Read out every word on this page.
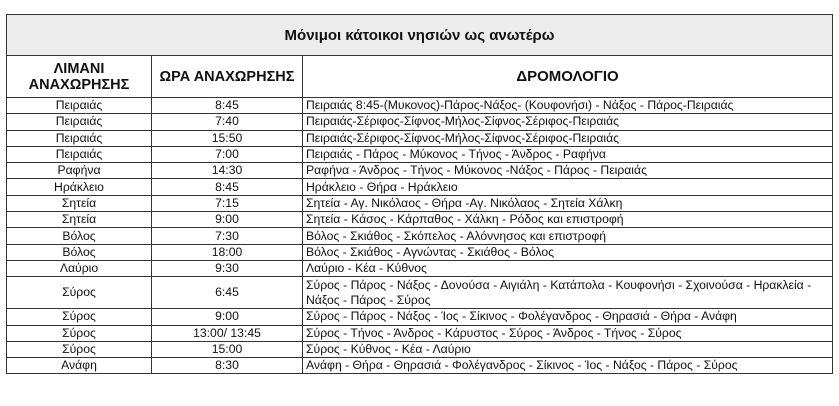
Μόνιμοι κάτοικοι νησιών ως ανωτέρω		
ΛΙΜΑΝΙ ΑΝΑΧΩΡΗΣΗΣ	ΩΡΑ ΑΝΑΧΩΡΗΣΗΣ	ΔΡΟΜΟΛΟΓΙΟ
Πειραιάς	8:45	Πειραιάς 8:45-(Μυκονος)-Πάρος-Νάξος- (Κουφονήσι) - Νάξος - Πάρος-Πειραιάς
Πειραιάς	7:40	Πειραιάς-Σέριφος-Σίφνος-Μήλος-Σίφνος-Σέριφος-Πειραιάς
Πειραιάς	15:50	Πειραιάς-Σέριφος-Σίφνος-Μήλος-Σίφνος-Σέριφος-Πειραιάς
Πειραιάς	7:00	Πειραιάς - Πάρος - Μύκονος - Τήνος - Άνδρος - Ραφήνα
Ραφήνα	14:30	Ραφήνα - Άνδρος - Τήνος - Μύκονος -Νάξος - Πάρος - Πειραιάς
Ηράκλειο	8:45	Ηράκλειο - Θήρα - Ηράκλειο
Σητεία	7:15	Σητεία - Αγ. Νικόλαος - Θήρα -Αγ. Νικόλαος - Σητεία Χάλκη
Σητεία	9:00	Σητεία - Κάσος - Κάρπαθος - Χάλκη - Ρόδος και επιστροφή
Βόλος	7:30	Βόλος - Σκιάθος - Σκόπελος - Αλόννησος και επιστροφή
Βόλος	18:00	Βόλος - Σκιάθος - Αγνώντας - Σκιάθος - Βόλος
Λαύριο	9:30	Λαύριο - Κέα - Κύθνος
Σύρος	6:45	Σύρος - Πάρος - Νάξος - Δονούσα - Αιγιάλη - Κατάπολα - Κουφονήσι - Σχοινούσα - Ηρακλεία - Νάξος - Πάρος - Σύρος
Σύρος	9:00	Σύρος - Πάρος - Νάξος - Ίος - Σίκινος - Φολέγανδρος - Θηρασιά - Θήρα - Ανάφη
Σύρος	13:00/ 13:45	Σύρος - Τήνος - Άνδρος - Κάρυστος - Σύρος - Άνδρος - Τήνος - Σύρος
Σύρος	15:00	Σύρος - Κύθνος - Κέα - Λαύριο
Ανάφη	8:30	Ανάφη - Θήρα - Θηρασιά - Φολέγανδρος - Σίκινος - Ίος - Νάξος - Πάρος - Σύρος
